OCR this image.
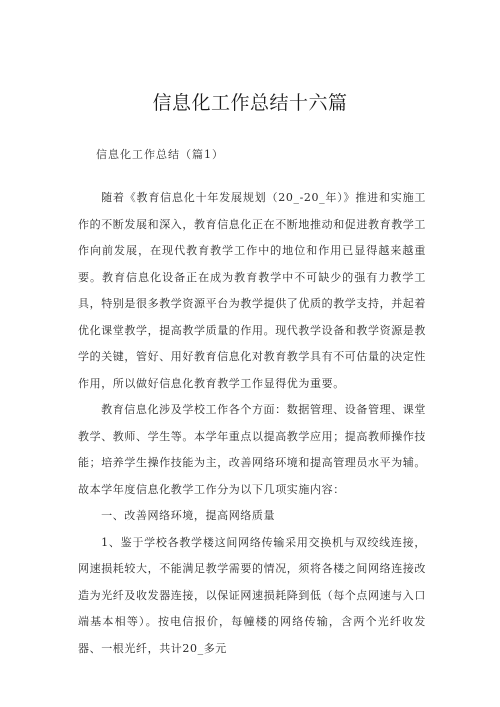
信息化工作总结十六篇

信息化工作总结（篇1）

随着《教育信息化十年发展规划（20_-20_年）》推进和实施工作的不断发展和深入，教育信息化正在不断地推动和促进教育教学工作向前发展，在现代教育教学工作中的地位和作用已显得越来越重要。教育信息化设备正在成为教育教学中不可缺少的强有力教学工具，特别是很多教学资源平台为教学提供了优质的教学支持，并起着优化课堂教学，提高教学质量的作用。现代教学设备和教学资源是教学的关键，管好、用好教育信息化对教育教学具有不可估量的决定性作用，所以做好信息化教育教学工作显得优为重要。

教育信息化涉及学校工作各个方面：数据管理、设备管理、课堂教学、教师、学生等。本学年重点以提高教学应用；提高教师操作技能；培养学生操作技能为主，改善网络环境和提高管理员水平为辅。故本学年度信息化教学工作分为以下几项实施内容：

一、改善网络环境，提高网络质量

1、鉴于学校各教学楼这间网络传输采用交换机与双绞线连接，网速损耗较大，不能满足教学需要的情况，须将各楼之间网络连接改造为光纤及收发器连接，以保证网速损耗降到低（每个点网速与入口端基本相等）。按电信报价，每幢楼的网络传输，含两个光纤收发器、一根光纤，共计20_多元
